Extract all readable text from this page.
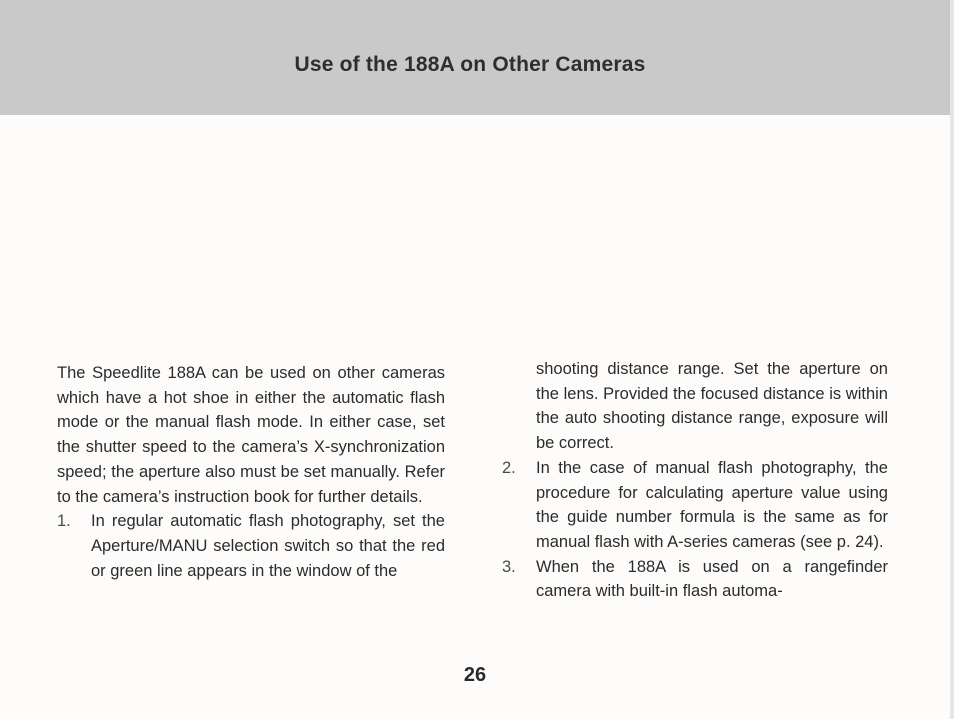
Use of the 188A on Other Cameras

The Speedlite 188A can be used on other cameras which have a hot shoe in either the automatic flash mode or the manual flash mode. In either case, set the shutter speed to the camera’s X-synchronization speed; the aperture also must be set manually. Refer to the camera’s instruction book for further details.

1. In regular automatic flash photography, set the Aperture/MANU selection switch so that the red or green line appears in the window of the

shooting distance range. Set the aperture on the lens. Provided the focused distance is within the auto shooting distance range, exposure will be correct.

2. In the case of manual flash photography, the procedure for calculating aperture value using the guide number formula is the same as for manual flash with A-series cameras (see p. 24).
3. When the 188A is used on a rangefinder camera with built-in flash automa-
26
